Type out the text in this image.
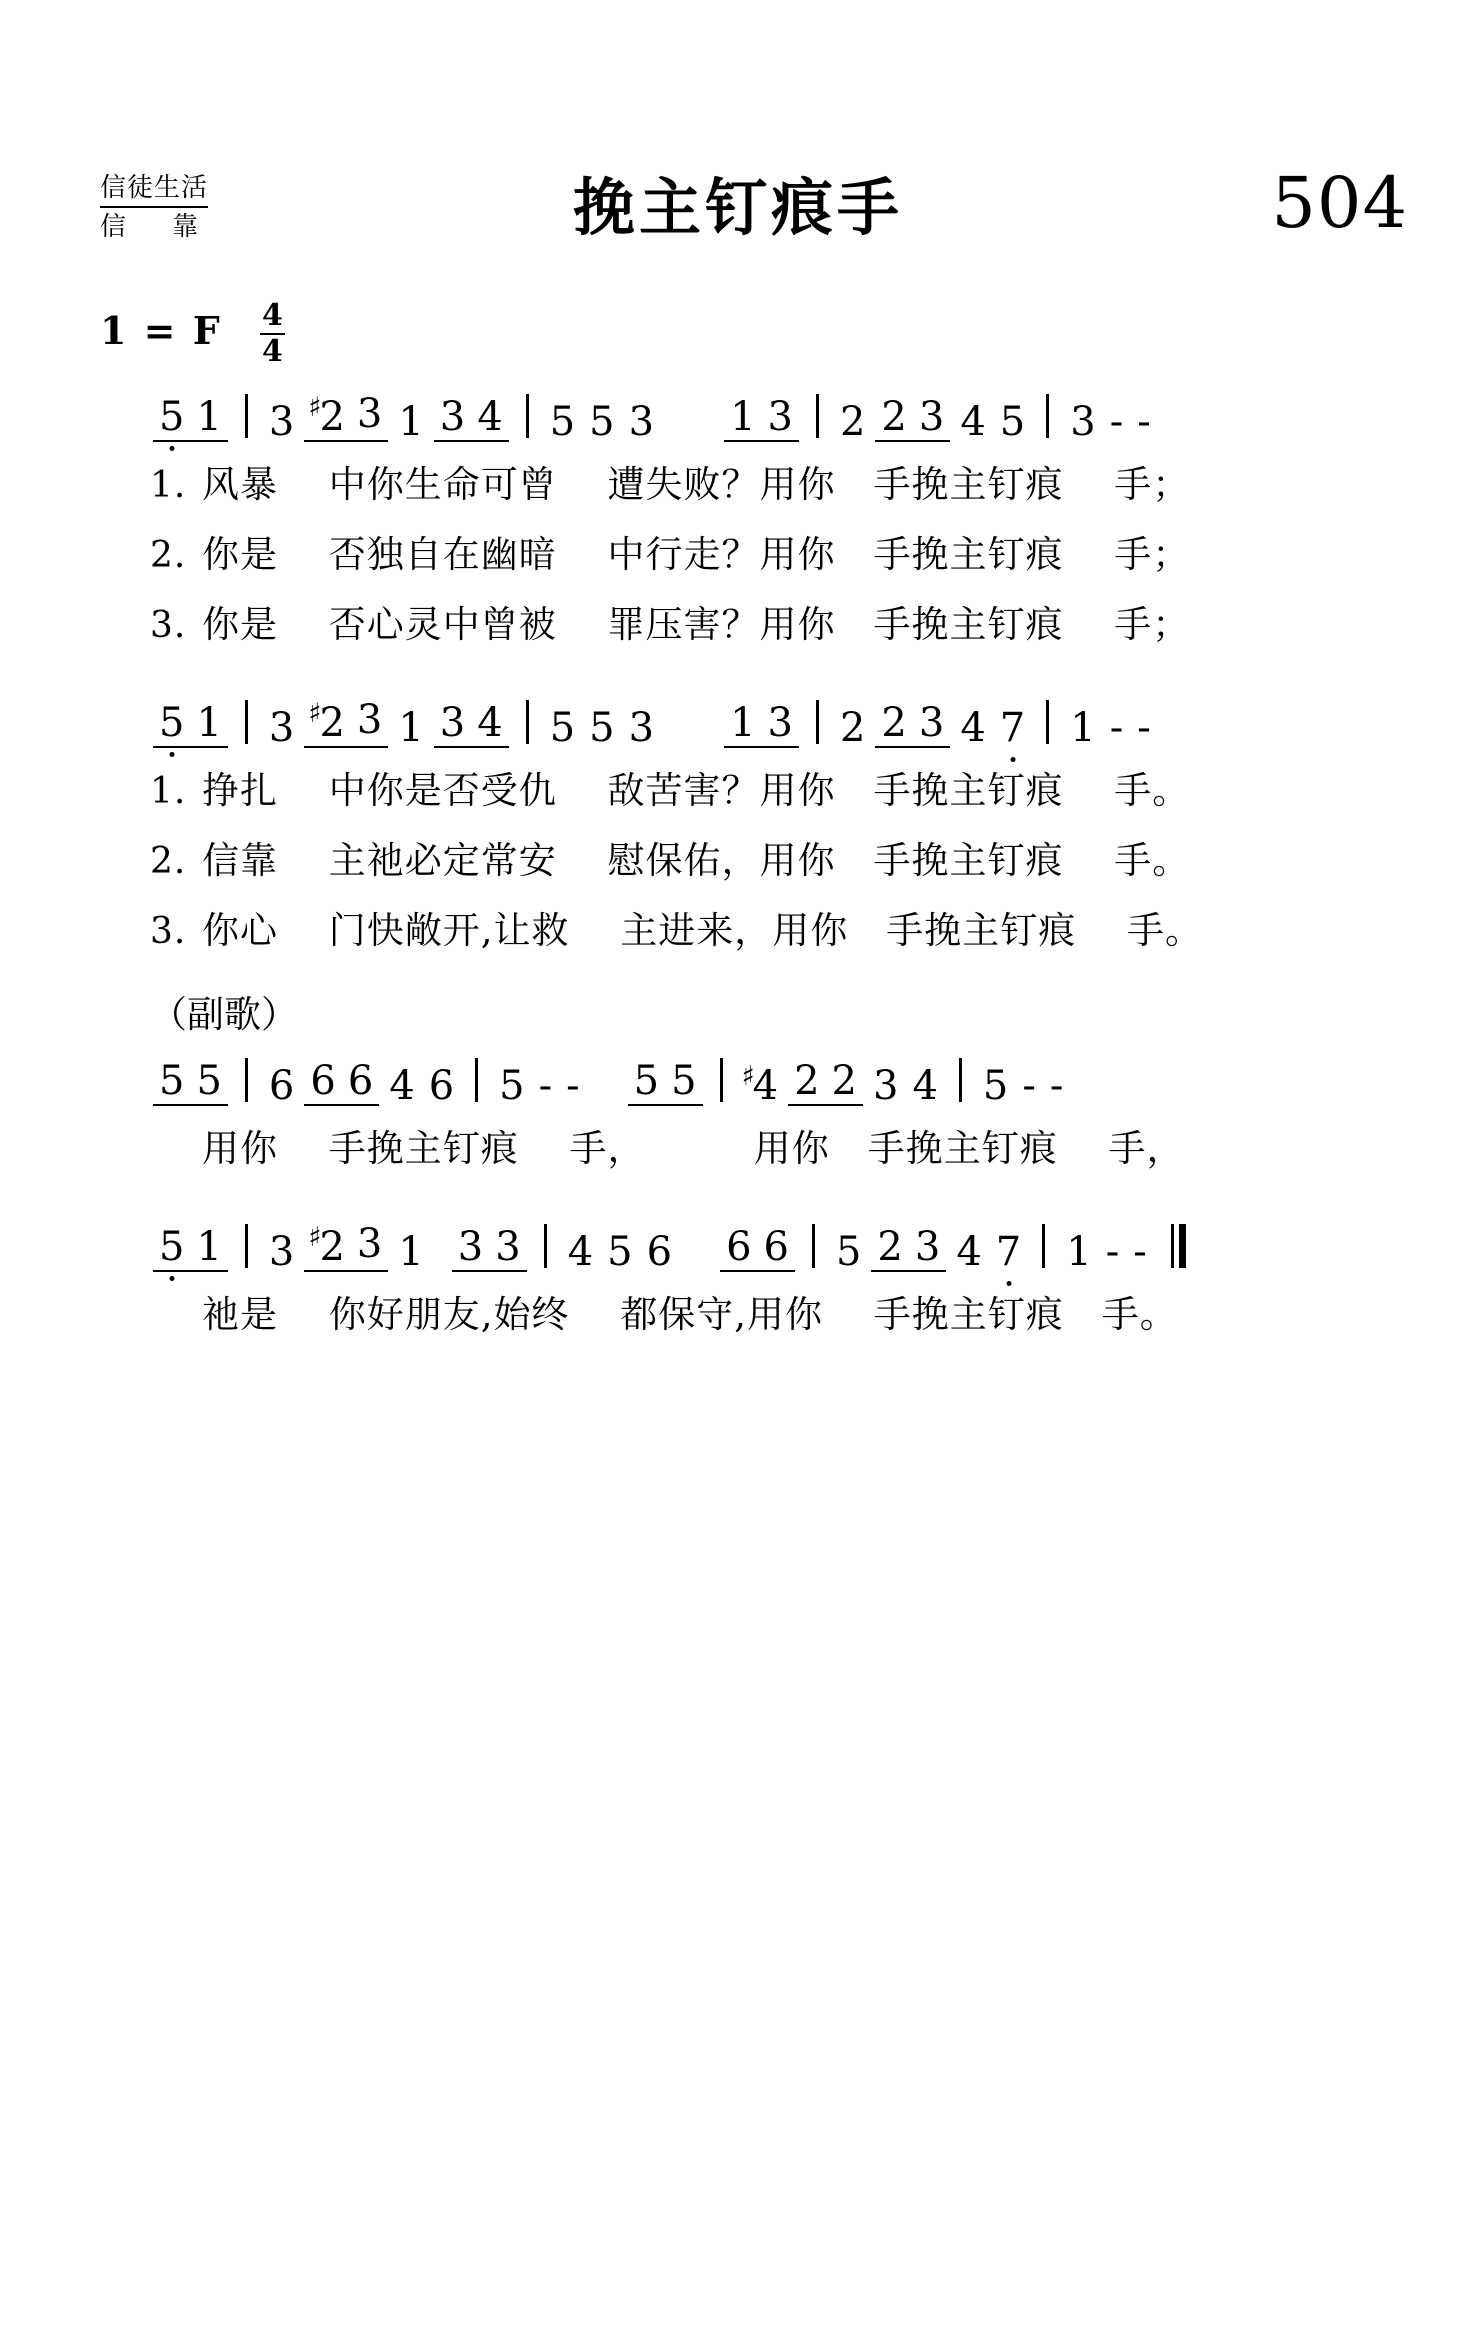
信徒生活
信靠	挽主钉痕手	504
1 = F $\frac{4}{4}$
5 1 3 ♯2 3 1 3 4 5 5 3 1 3 2 2 3 4 5 3 - -
1. 风暴　 中你生命可曾　 遭失败？用你　手挽主钉痕　 手；
2. 你是　 否独自在幽暗　 中行走？用你　手挽主钉痕　 手；
3. 你是　 否心灵中曾被　 罪压害？用你　手挽主钉痕　 手；
5 1 3 ♯2 3 1 3 4 5 5 3 1 3 2 2 3 4 7 1 - -
1. 挣扎　 中你是否受仇　 敌苦害？用你　手挽主钉痕　 手。
2. 信靠　 主祂必定常安　 慰保佑，用你　手挽主钉痕　 手。
3. 你心　 门快敞开,让救　 主进来，用你　手挽主钉痕　 手。
（副歌）
5 5 6 6 6 4 6 5 - - 5 5 ♯4 2 2 3 4 5 - -
用你　 手挽主钉痕　 手，　　 　用你　手挽主钉痕　 手，
5 1 3 ♯2 3 1 3 3 4 5 6 6 6 5 2 3 4 7 1 - -
祂是　 你好朋友,始终　 都保守,用你　 手挽主钉痕　手。
